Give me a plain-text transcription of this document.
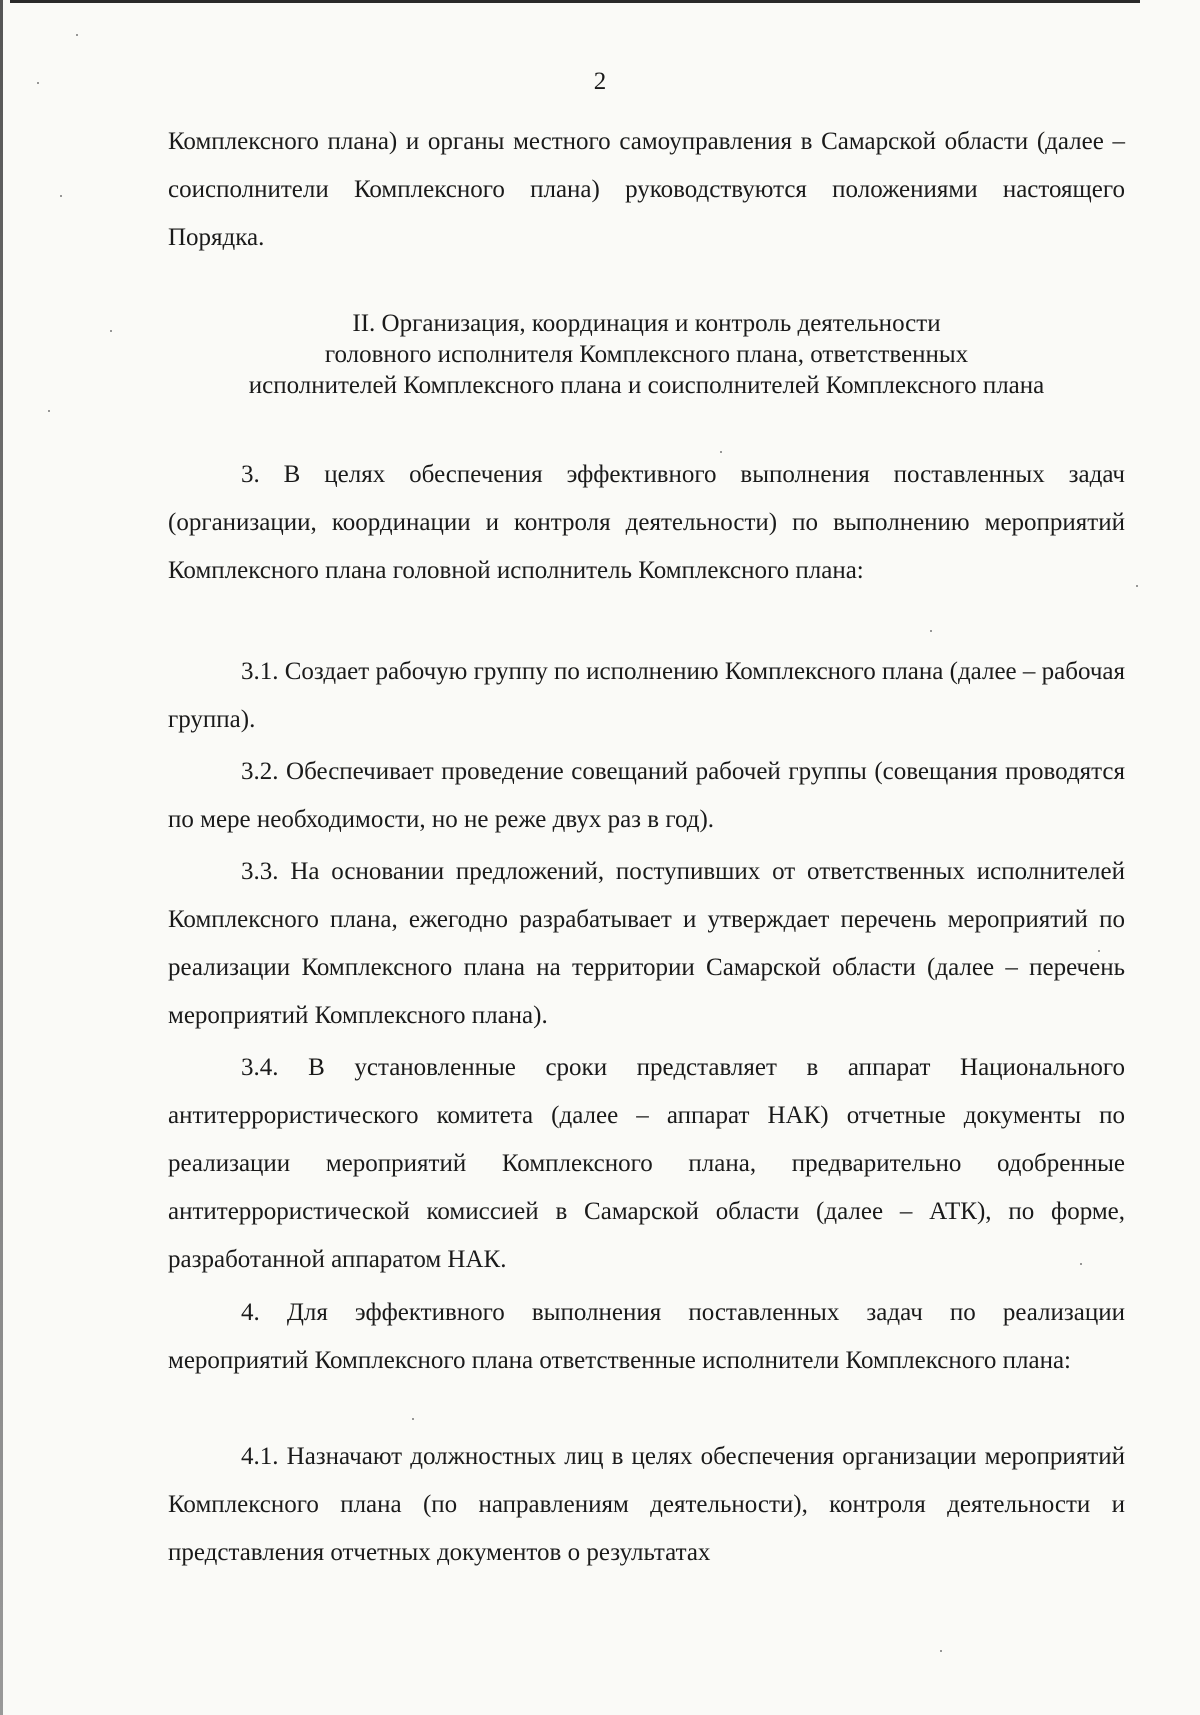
2
Комплексного плана) и органы местного самоуправления в Самарской области (далее – соисполнители Комплексного плана) руководствуются положениями настоящего Порядка.
II. Организация, координация и контроль деятельности
головного исполнителя Комплексного плана, ответственных
исполнителей Комплексного плана и соисполнителей Комплексного плана
3. В целях обеспечения эффективного выполнения поставленных задач (организации, координации и контроля деятельности) по выполнению мероприятий Комплексного плана головной исполнитель Комплексного плана:
3.1. Создает рабочую группу по исполнению Комплексного плана (далее – рабочая группа).
3.2. Обеспечивает проведение совещаний рабочей группы (совещания проводятся по мере необходимости, но не реже двух раз в год).
3.3. На основании предложений, поступивших от ответственных исполнителей Комплексного плана, ежегодно разрабатывает и утверждает перечень мероприятий по реализации Комплексного плана на территории Самарской области (далее – перечень мероприятий Комплексного плана).
3.4. В установленные сроки представляет в аппарат Национального антитеррористического комитета (далее – аппарат НАК) отчетные документы по реализации мероприятий Комплексного плана, предварительно одобренные антитеррористической комиссией в Самарской области (далее – АТК), по форме, разработанной аппаратом НАК.
4. Для эффективного выполнения поставленных задач по реализации мероприятий Комплексного плана ответственные исполнители Комплексного плана:
4.1. Назначают должностных лиц в целях обеспечения организации мероприятий Комплексного плана (по направлениям деятельности), контроля деятельности и представления отчетных документов о результатах
